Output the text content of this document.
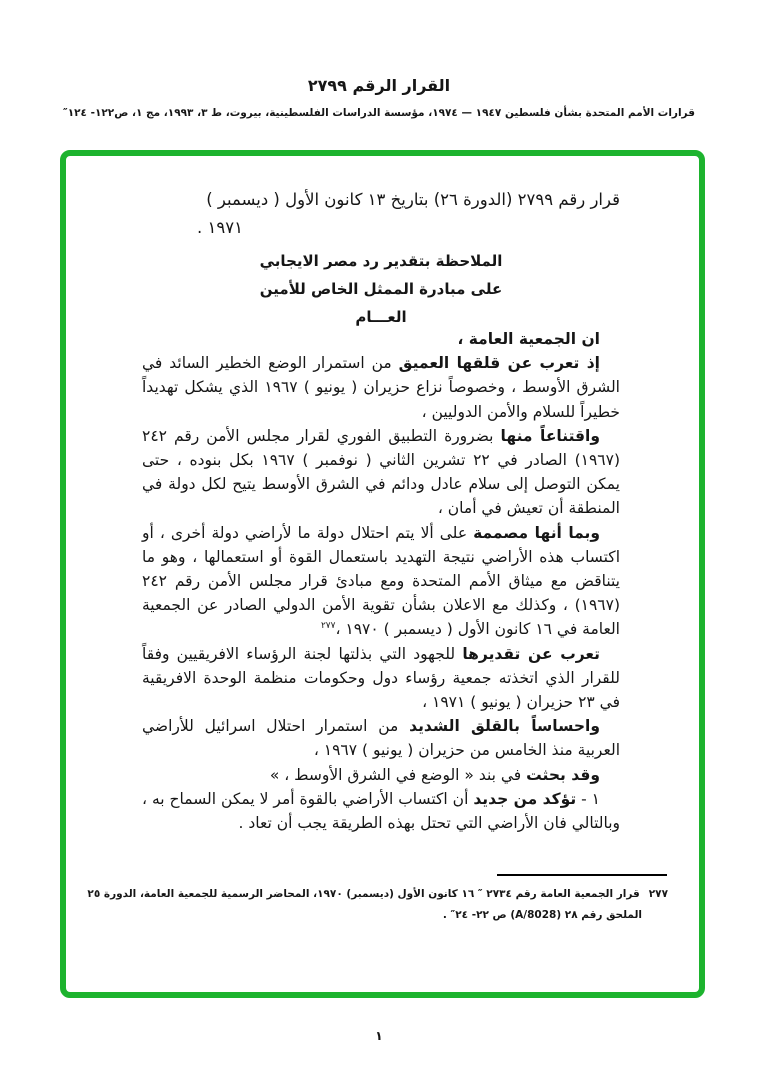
القرار الرقم ٢٧٩٩
قرارات الأمم المتحدة بشأن فلسطين ١٩٤٧ — ١٩٧٤، مؤسسة الدراسات الفلسطينية، بيروت، ط ٣، ١٩٩٣، مج ١، ص١٢٢- ١٢٤″
قرار رقم ٢٧٩٩ (الدورة ٢٦) بتاريخ ١٣ كانون الأول ( ديسمبر )
١٩٧١ .
الملاحظة بتقدير رد مصر الايجابي
على مبادرة الممثل الخاص للأمين
العـــام

ان الجمعية العامة ،

إذ تعرب عن قلقها العميق من استمرار الوضع الخطير السائد في الشرق الأوسط ، وخصوصاً نزاع حزيران ( يونيو ) ١٩٦٧ الذي يشكل تهديداً خطيراً للسلام والأمن الدوليين ،

واقتناعاً منها بضرورة التطبيق الفوري لقرار مجلس الأمن رقم ٢٤٢ (١٩٦٧) الصادر في ٢٢ تشرين الثاني ( نوفمبر ) ١٩٦٧ بكل بنوده ، حتى يمكن التوصل إلى سلام عادل ودائم في الشرق الأوسط يتيح لكل دولة في المنطقة أن تعيش في أمان ،

وبما أنها مصممة على ألا يتم احتلال دولة ما لأراضي دولة أخرى ، أو اكتساب هذه الأراضي نتيجة التهديد باستعمال القوة أو استعمالها ، وهو ما يتناقض مع ميثاق الأمم المتحدة ومع مبادئ قرار مجلس الأمن رقم ٢٤٢ (١٩٦٧) ، وكذلك مع الاعلان بشأن تقوية الأمن الدولي الصادر عن الجمعية العامة في ١٦ كانون الأول ( ديسمبر ) ١٩٧٠ ،$^{٢٧٧}$

تعرب عن تقديرها للجهود التي بذلتها لجنة الرؤساء الافريقيين وفقاً للقرار الذي اتخذته جمعية رؤساء دول وحكومات منظمة الوحدة الافريقية في ٢٣ حزيران ( يونيو ) ١٩٧١ ،

واحساساً بالقلق الشديد من استمرار احتلال اسرائيل للأراضي العربية منذ الخامس من حزيران ( يونيو ) ١٩٦٧ ،

وقد بحثت في بند « الوضع في الشرق الأوسط ، »

١ - تؤكد من جديد أن اكتساب الأراضي بالقوة أمر لا يمكن السماح به ، وبالتالي فان الأراضي التي تحتل بهذه الطريقة يجب أن تعاد .

٢٧٧قرار الجمعية العامة رقم ٢٧٣٤ ″ ١٦ كانون الأول (ديسمبر) ١٩٧٠، المحاضر الرسمية للجمعية العامة، الدورة ٢٥
الملحق رقم ٢٨ (A/8028) ص ٢٢- ٢٤″ .
١
